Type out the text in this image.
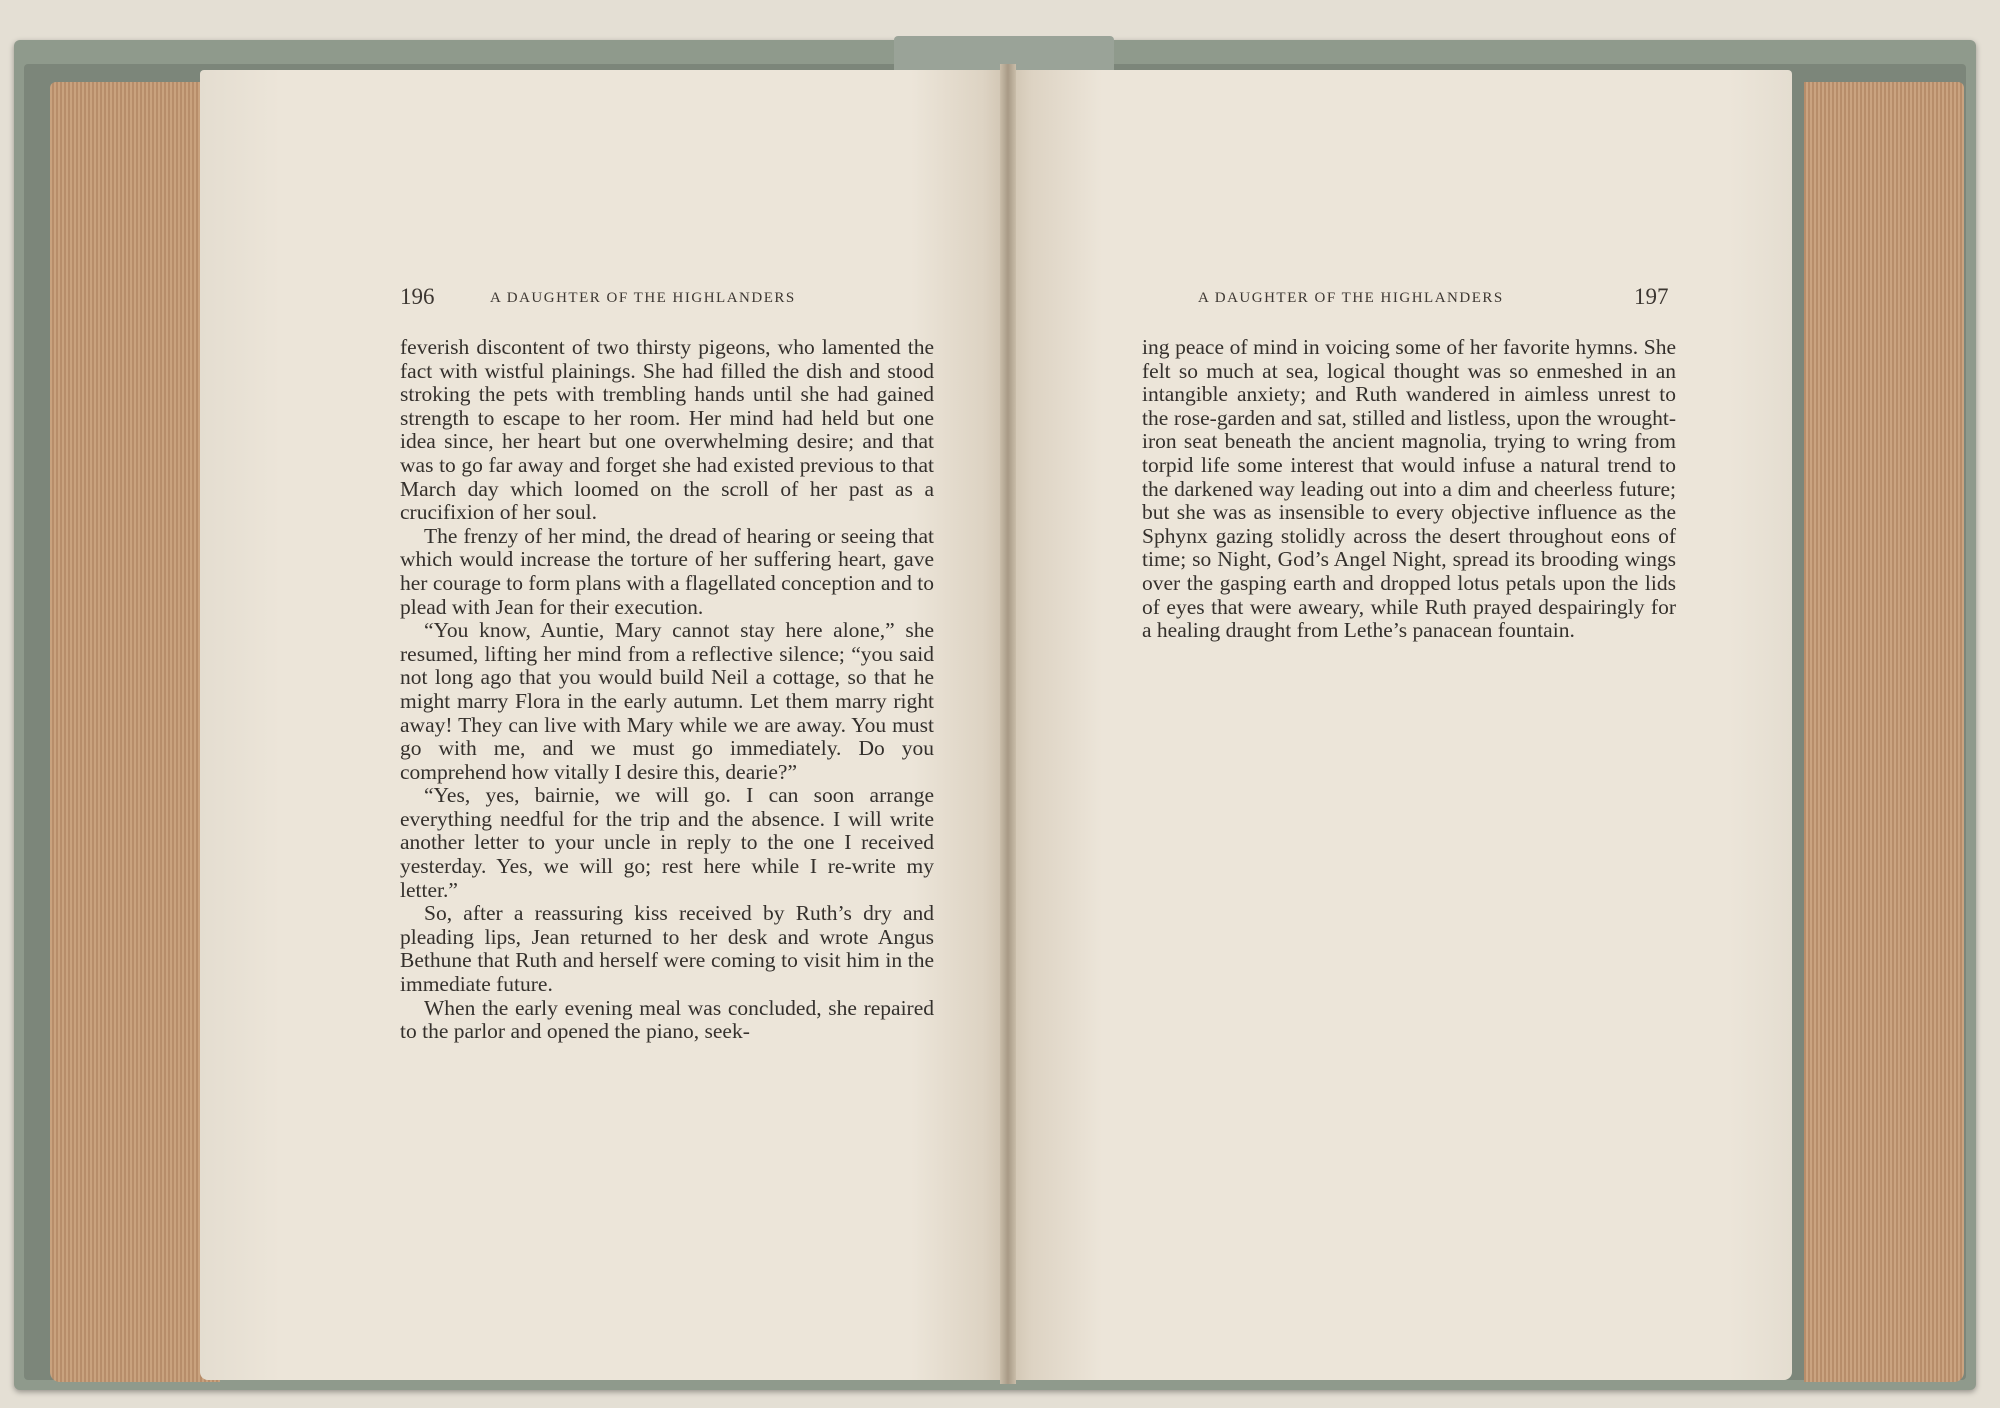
196	A DAUGHTER OF THE HIGHLANDERS

feverish discontent of two thirsty pigeons, who lamented the fact with wistful plainings. She had filled the dish and stood stroking the pets with trembling hands until she had gained strength to escape to her room. Her mind had held but one idea since, her heart but one overwhelming desire; and that was to go far away and forget she had existed previous to that March day which loomed on the scroll of her past as a crucifixion of her soul.

The frenzy of her mind, the dread of hearing or seeing that which would increase the torture of her suffering heart, gave her courage to form plans with a flagellated conception and to plead with Jean for their execution.

“You know, Auntie, Mary cannot stay here alone,” she resumed, lifting her mind from a reflective silence; “you said not long ago that you would build Neil a cottage, so that he might marry Flora in the early autumn. Let them marry right away! They can live with Mary while we are away. You must go with me, and we must go immediately. Do you comprehend how vitally I desire this, dearie?”

“Yes, yes, bairnie, we will go. I can soon arrange everything needful for the trip and the absence. I will write another letter to your uncle in reply to the one I received yesterday. Yes, we will go; rest here while I re-write my letter.”

So, after a reassuring kiss received by Ruth’s dry and pleading lips, Jean returned to her desk and wrote Angus Bethune that Ruth and herself were coming to visit him in the immediate future.

When the early evening meal was concluded, she repaired to the parlor and opened the piano, seek-

A DAUGHTER OF THE HIGHLANDERS	197

ing peace of mind in voicing some of her favorite hymns. She felt so much at sea, logical thought was so enmeshed in an intangible anxiety; and Ruth wandered in aimless unrest to the rose-garden and sat, stilled and listless, upon the wrought-iron seat beneath the ancient magnolia, trying to wring from torpid life some interest that would infuse a natural trend to the darkened way leading out into a dim and cheerless future; but she was as insensible to every objective influence as the Sphynx gazing stolidly across the desert throughout eons of time; so Night, God’s Angel Night, spread its brooding wings over the gasping earth and dropped lotus petals upon the lids of eyes that were aweary, while Ruth prayed despairingly for a healing draught from Lethe’s panacean fountain.
